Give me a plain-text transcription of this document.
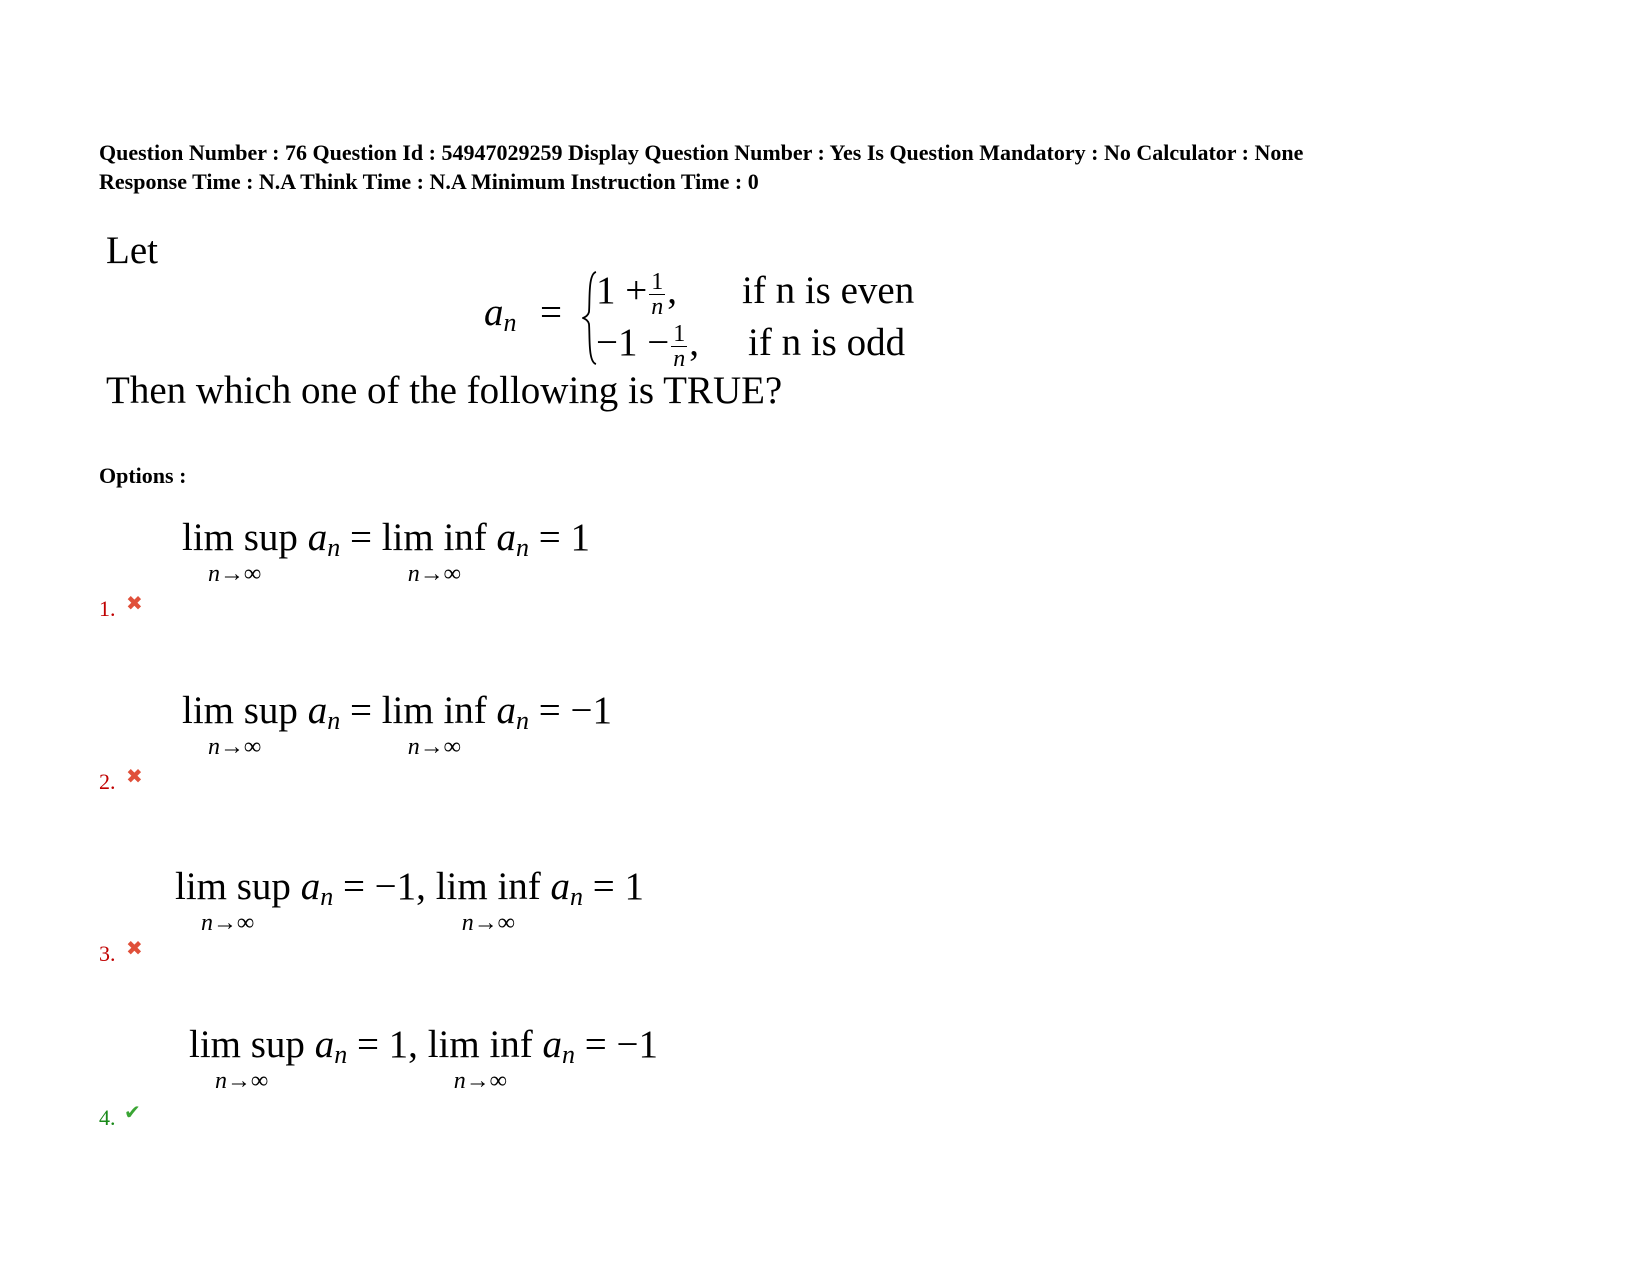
Question Number : 76 Question Id : 54947029259 Display Question Number : Yes Is Question Mandatory : No Calculator : None
Response Time : N.A Think Time : N.A Minimum Instruction Time : 0
Let
$a_n$ =
$1 + \frac{1}{n}$ , if n is even
$-1 - \frac{1}{n}$ , if n is odd
Then which one of the following is TRUE?
Options :
lim sup
n→∞
$a_n = \lim$ inf
n→∞
$a_n = 1$
1. ✖
lim sup
n→∞
$a_n = \lim$ inf
n→∞
$a_n = -1$
2. ✖
lim sup
n→∞
$a_n = -1$, lim inf
n→∞
$a_n = 1$
3. ✖
lim sup
n→∞
$a_n = 1$, lim inf
n→∞
$a_n = -1$
4. ✔
